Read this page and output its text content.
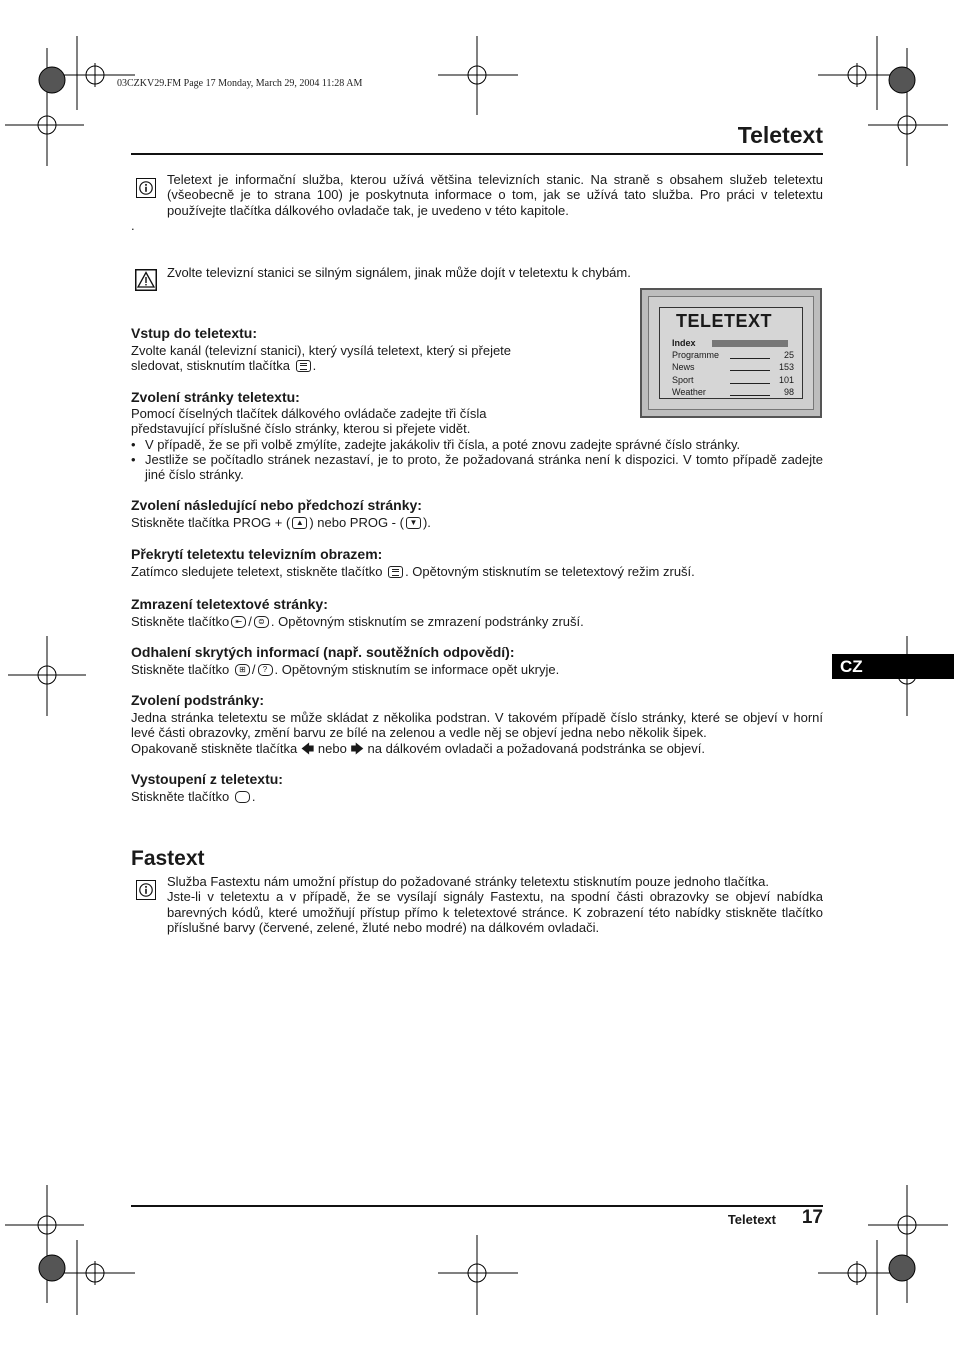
03CZKV29.FM Page 17 Monday, March 29, 2004 11:28 AM
Teletext
Teletext je informační služba, kterou užívá většina televizních stanic. Na straně s obsahem služeb teletextu (všeobecně je to strana 100) je poskytnuta informace o tom, jak se užívá tato služba. Pro práci v teletextu používejte tlačítka dálkového ovladače tak, je uvedeno v této kapitole.
.
Zvolte televizní stanici se silným signálem, jinak může dojít v teletextu k chybám.
TELETEXT
Index
Programme	25
News	153
Sport	101
Weather	98
Vstup do teletextu:
Zvolte kanál (televizní stanici), který vysílá teletext, který si přejete
sledovat, stisknutím tlačítka .
Zvolení stránky teletextu:
Pomocí číselných tlačítek dálkového ovládače zadejte tři čísla
představující příslušné číslo stránky, kterou si přejete vidět.
• V případě, že se při volbě zmýlíte, zadejte jakákoliv tři čísla, a poté znovu zadejte správné číslo stránky.
• Jestliže se počítadlo stránek nezastaví, je to proto, že požadovaná stránka není k dispozici. V tomto případě zadejte jiné číslo stránky.
Zvolení následující nebo předchozí stránky:
Stiskněte tlačítka PROG + ( ▲ ) nebo PROG - ( ▼ ).
Překrytí teletextu televizním obrazem:
Zatímco sledujete teletext, stiskněte tlačítko . Opětovným stisknutím se teletextový režim zruší.
Zmrazení teletextové stránky:
Stiskněte tlačítko ⇤ / ⊜ . Opětovným stisknutím se zmrazení podstránky zruší.
Odhalení skrytých informací (např. soutěžních odpovědí):
Stiskněte tlačítko ⊞ / ? . Opětovným stisknutím se informace opět ukryje.
Zvolení podstránky:
Jedna stránka teletextu se může skládat z několika podstran. V takovém případě číslo stránky, které se objeví v horní levé části obrazovky, změní barvu ze bílé na zelenou a vedle něj se objeví jedna nebo několik šipek.
Opakovaně stiskněte tlačítka 🡄 nebo 🡆 na dálkovém ovladači a požadovaná podstránka se objeví.
Vystoupení z teletextu:
Stiskněte tlačítko .
Fastext
Služba Fastextu nám umožní přístup do požadované stránky teletextu stisknutím pouze jednoho tlačítka.
Jste-li v teletextu a v případě, že se vysílají signály Fastextu, na spodní části obrazovky se objeví nabídka barevných kódů, které umožňují přístup přímo k teletextové stránce. K zobrazení této nabídky stiskněte tlačítko příslušné barvy (červené, zelené, žluté nebo modré) na dálkovém ovladači.
CZ
Teletext 17
